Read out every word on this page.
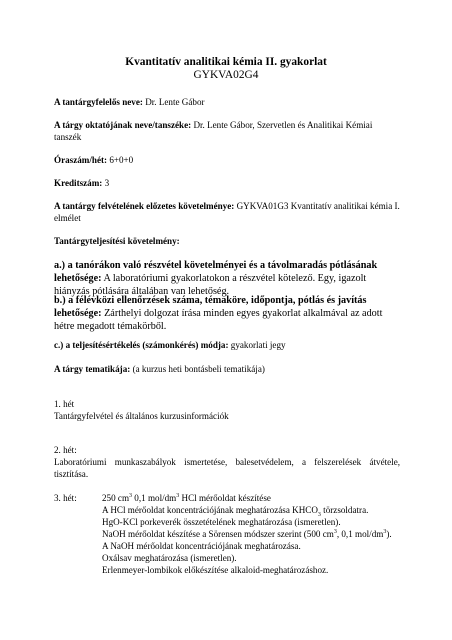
Kvantitatív analitikai kémia II. gyakorlat
GYKVA02G4
A tantárgyfelelős neve: Dr. Lente Gábor
A tárgy oktatójának neve/tanszéke: Dr. Lente Gábor, Szervetlen és Analitikai Kémiai tanszék
Óraszám/hét: 6+0+0
Kreditszám: 3
A tantárgy felvételének előzetes követelménye: GYKVA01G3 Kvantitatív analitikai kémia I. elmélet
Tantárgyteljesítési követelmény:
a.) a tanórákon való részvétel követelményei és a távolmaradás pótlásának lehetősége: A laboratóriumi gyakorlatokon a részvétel kötelező. Egy, igazolt hiányzás pótlására általában van lehetőség.
b.) a félévközi ellenőrzések száma, témaköre, időpontja, pótlás és javítás lehetősége: Zárthelyi dolgozat írása minden egyes gyakorlat alkalmával az adott hétre megadott témakörből.
c.) a teljesítésértékelés (számonkérés) módja: gyakorlati jegy
A tárgy tematikája: (a kurzus heti bontásbeli tematikája)
1. hét
Tantárgyfelvétel és általános kurzusinformációk
2. hét:
Laboratóriumi munkaszabályok ismertetése, balesetvédelem, a felszerelések átvétele, tisztítása.
3. hét:	250 $cm^3$ 0,1 mol/$dm^3$ HCl mérőoldat készítése
A HCl mérőoldat koncentrációjának meghatározása $KHCO_3$ törzsoldatra.
HgO-KCl porkeverék összetételének meghatározása (ismeretlen).
NaOH mérőoldat készítése a Sörensen módszer szerint (500 $cm^3$, 0,1 mol/$dm^3$).
A NaOH mérőoldat koncentrációjának meghatározása.
Oxálsav meghatározása (ismeretlen).
Erlenmeyer-lombikok előkészítése alkaloid-meghatározáshoz.
